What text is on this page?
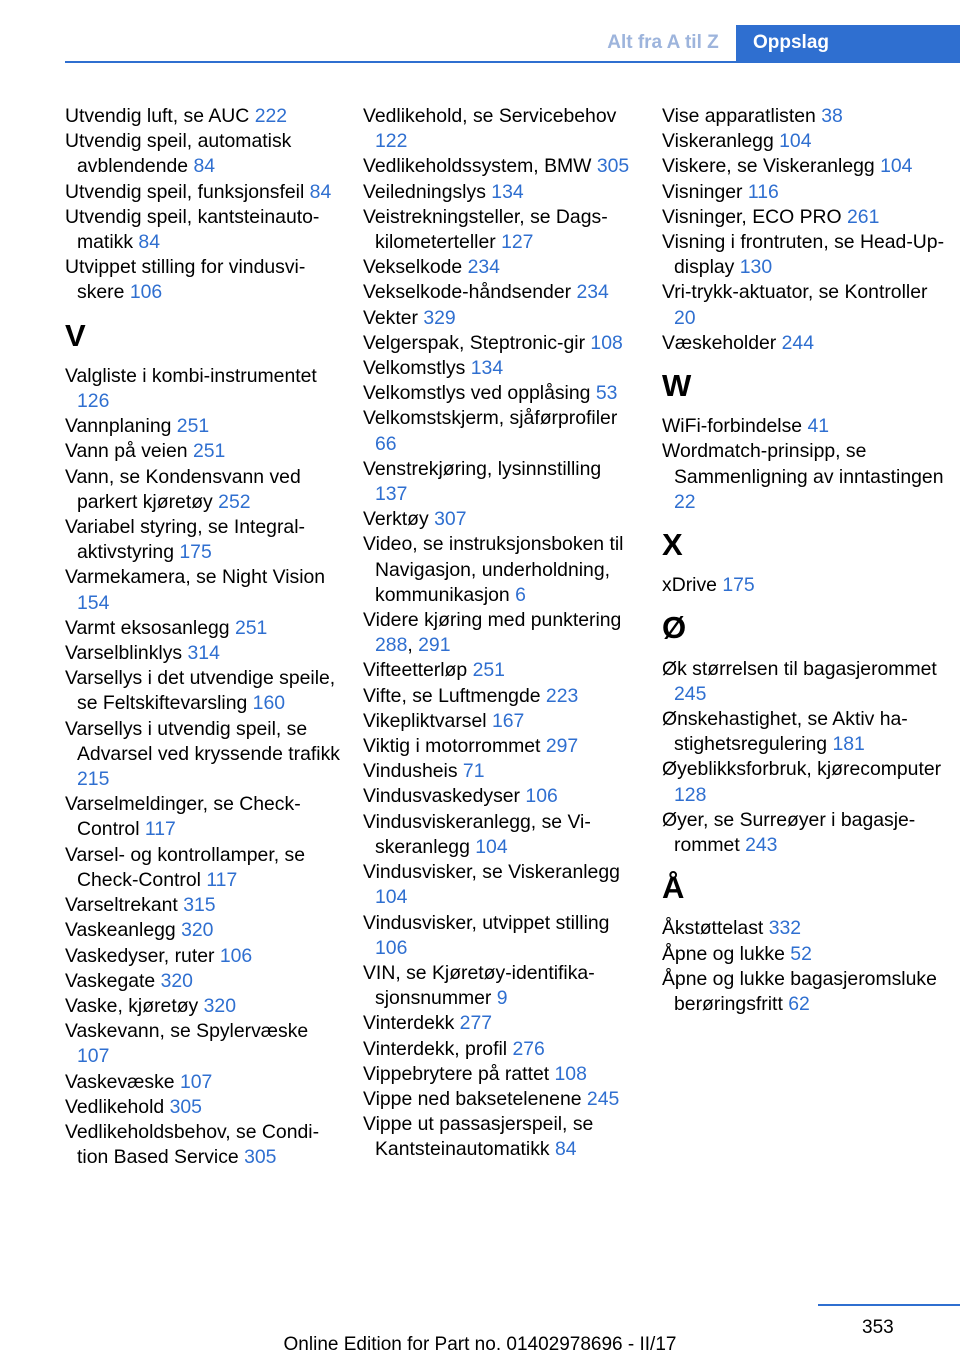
Alt fra A til Z	Oppslag
Utvendig luft, se AUC 222
Utvendig speil, automatisk avblendende 84
Utvendig speil, funksjonsfeil 84
Utvendig speil, kantsteinautomatikk 84
Utvippet stilling for vindusviskere 106
V
Valgliste i kombi-instrumentet 126
Vannplaning 251
Vann på veien 251
Vann, se Kondensvann ved parkert kjøretøy 252
Variabel styring, se Integral-aktivstyring 175
Varmekamera, se Night Vision 154
Varmt eksosanlegg 251
Varselblinklys 314
Varsellys i det utvendige speile, se Feltskiftevarsling 160
Varsellys i utvendig speil, se Advarsel ved kryssende trafikk 215
Varselmeldinger, se Check-Control 117
Varsel- og kontrollamper, se Check-Control 117
Varseltrekant 315
Vaskeanlegg 320
Vaskedyser, ruter 106
Vaskegate 320
Vaske, kjøretøy 320
Vaskevann, se Spylervæske 107
Vaskevæske 107
Vedlikehold 305
Vedlikeholdsbehov, se Condition Based Service 305
Vedlikehold, se Servicebehov 122
Vedlikeholdssystem, BMW 305
Veiledningslys 134
Veistrekningsteller, se Dagskilometerteller 127
Vekselkode 234
Vekselkode-håndsender 234
Vekter 329
Velgerspak, Steptronic-gir 108
Velkomstlys 134
Velkomstlys ved opplåsing 53
Velkomstskjerm, sjåførprofiler 66
Venstrekjøring, lysinnstilling 137
Verktøy 307
Video, se instruksjonsboken til Navigasjon, underholdning, kommunikasjon 6
Videre kjøring med punktering 288, 291
Vifteetterløp 251
Vifte, se Luftmengde 223
Vikepliktvarsel 167
Viktig i motorrommet 297
Vindusheis 71
Vindusvaskedyser 106
Vindusviskeranlegg, se Viskeranlegg 104
Vindusvisker, se Viskeranlegg 104
Vindusvisker, utvippet stilling 106
VIN, se Kjøretøy-identifikasjonsnummer 9
Vinterdekk 277
Vinterdekk, profil 276
Vippebrytere på rattet 108
Vippe ned baksetelenene 245
Vippe ut passasjerspeil, se Kantsteinautomatikk 84
Vise apparatlisten 38
Viskeranlegg 104
Viskere, se Viskeranlegg 104
Visninger 116
Visninger, ECO PRO 261
Visning i frontruten, se Head-Up-display 130
Vri-trykk-aktuator, se Kontroller 20
Væskeholder 244
W
WiFi-forbindelse 41
Wordmatch-prinsipp, se Sammenligning av inntastingen 22
X
xDrive 175
Ø
Øk størrelsen til bagasjerommet 245
Ønskehastighet, se Aktiv hastighetsregulering 181
Øyeblikksforbruk, kjørecomputer 128
Øyer, se Surreøyer i bagasjerommet 243
Å
Åkstøttelast 332
Åpne og lukke 52
Åpne og lukke bagasjeromsluke berøringsfritt 62
353
Online Edition for Part no. 01402978696 - II/17
